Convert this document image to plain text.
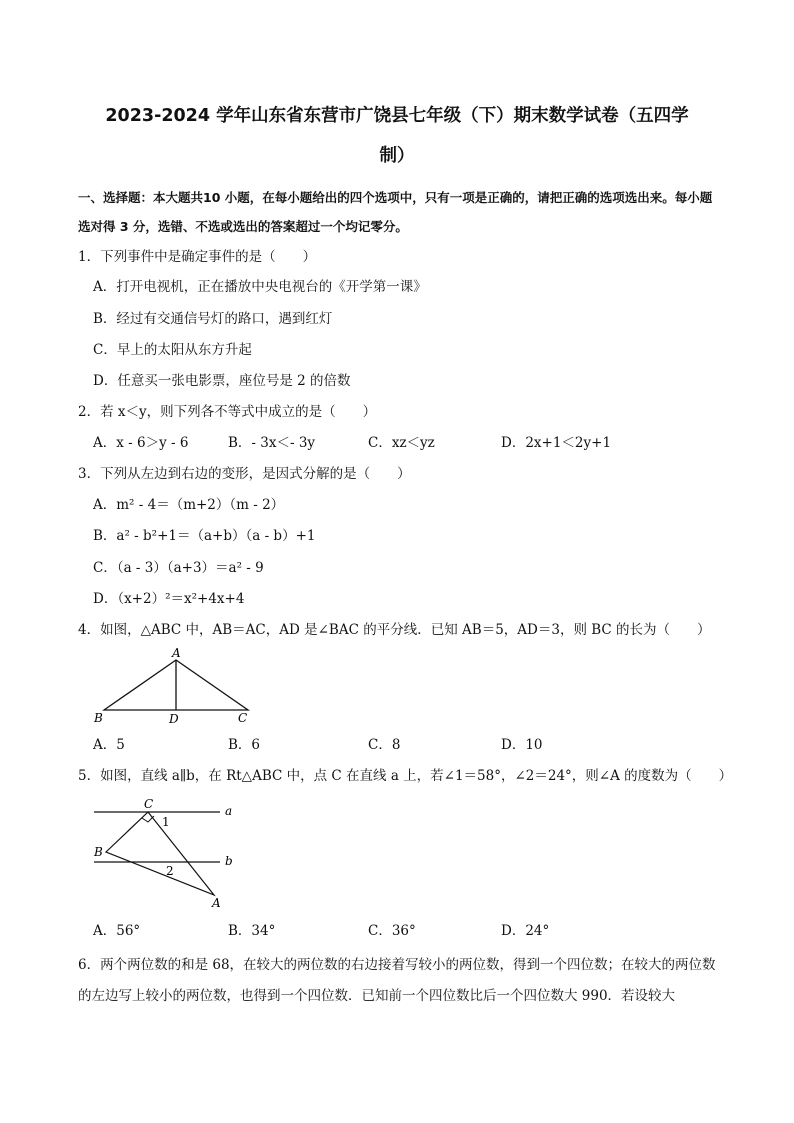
2023-2024 学年山东省东营市广饶县七年级（下）期末数学试卷（五四学
制）
一、选择题：本大题共10 小题，在每小题给出的四个选项中，只有一项是正确的，请把正确的选项选出来。每小题选对得 3 分，选错、不选或选出的答案超过一个均记零分。
1．下列事件中是确定事件的是（　　）
A．打开电视机，正在播放中央电视台的《开学第一课》
B．经过有交通信号灯的路口，遇到红灯
C．早上的太阳从东方升起
D．任意买一张电影票，座位号是 2 的倍数
2．若 x＜y，则下列各不等式中成立的是（　　）
A．x - 6＞y - 6	B．- 3x＜- 3y	C．xz＜yz	D．2x+1＜2y+1
3．下列从左边到右边的变形，是因式分解的是（　　）
A．m² - 4＝（m+2）（m - 2）
B．a² - b²+1＝（a+b）（a - b）+1
C．（a - 3）（a+3）＝a² - 9
D．（x+2）²＝x²+4x+4
4．如图，△ABC 中，AB＝AC，AD 是∠BAC 的平分线．已知 AB＝5，AD＝3，则 BC 的长为（　　）
A
B	D	C
A．5	B．6	C．8	D．10
5．如图，直线 a∥b，在 Rt△ABC 中，点 C 在直线 a 上，若∠1＝58°，∠2＝24°，则∠A 的度数为（　　）
C	a
1
B
b
2
A
A．56°	B．34°	C．36°	D．24°
6．两个两位数的和是 68，在较大的两位数的右边接着写较小的两位数，得到一个四位数；在较大的两位数的左边写上较小的两位数，也得到一个四位数．已知前一个四位数比后一个四位数大 990．若设较大
